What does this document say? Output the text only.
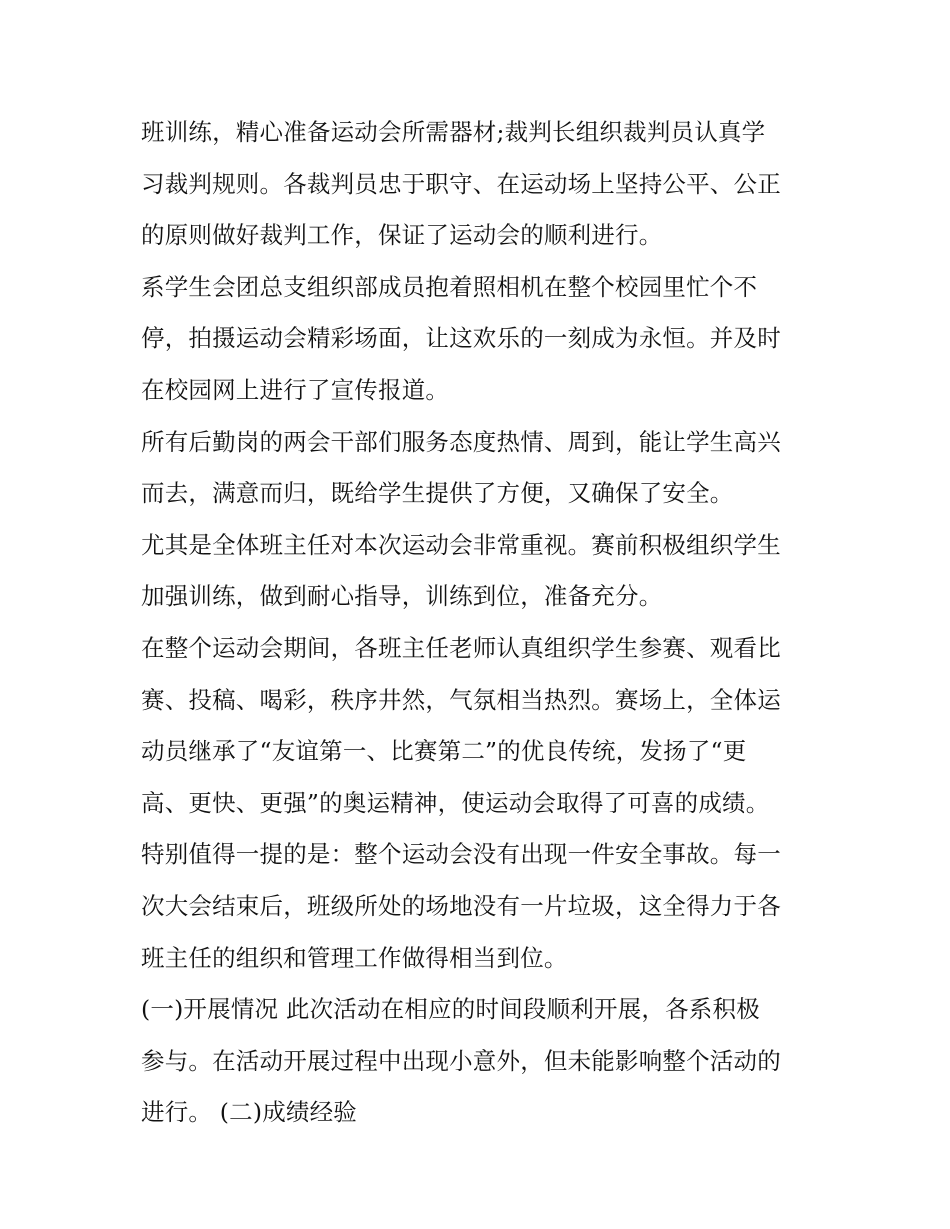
班训练，精心准备运动会所需器材;裁判长组织裁判员认真学
习裁判规则。各裁判员忠于职守、在运动场上坚持公平、公正
的原则做好裁判工作，保证了运动会的顺利进行。
系学生会团总支组织部成员抱着照相机在整个校园里忙个不
停，拍摄运动会精彩场面，让这欢乐的一刻成为永恒。并及时
在校园网上进行了宣传报道。
所有后勤岗的两会干部们服务态度热情、周到，能让学生高兴
而去，满意而归，既给学生提供了方便，又确保了安全。
尤其是全体班主任对本次运动会非常重视。赛前积极组织学生
加强训练，做到耐心指导，训练到位，准备充分。
在整个运动会期间，各班主任老师认真组织学生参赛、观看比
赛、投稿、喝彩，秩序井然，气氛相当热烈。赛场上，全体运
动员继承了“友谊第一、比赛第二”的优良传统，发扬了“更
高、更快、更强”的奥运精神，使运动会取得了可喜的成绩。
特别值得一提的是：整个运动会没有出现一件安全事故。每一
次大会结束后，班级所处的场地没有一片垃圾，这全得力于各
班主任的组织和管理工作做得相当到位。
(一)开展情况 此次活动在相应的时间段顺利开展，各系积极
参与。在活动开展过程中出现小意外，但未能影响整个活动的
进行。 (二)成绩经验
